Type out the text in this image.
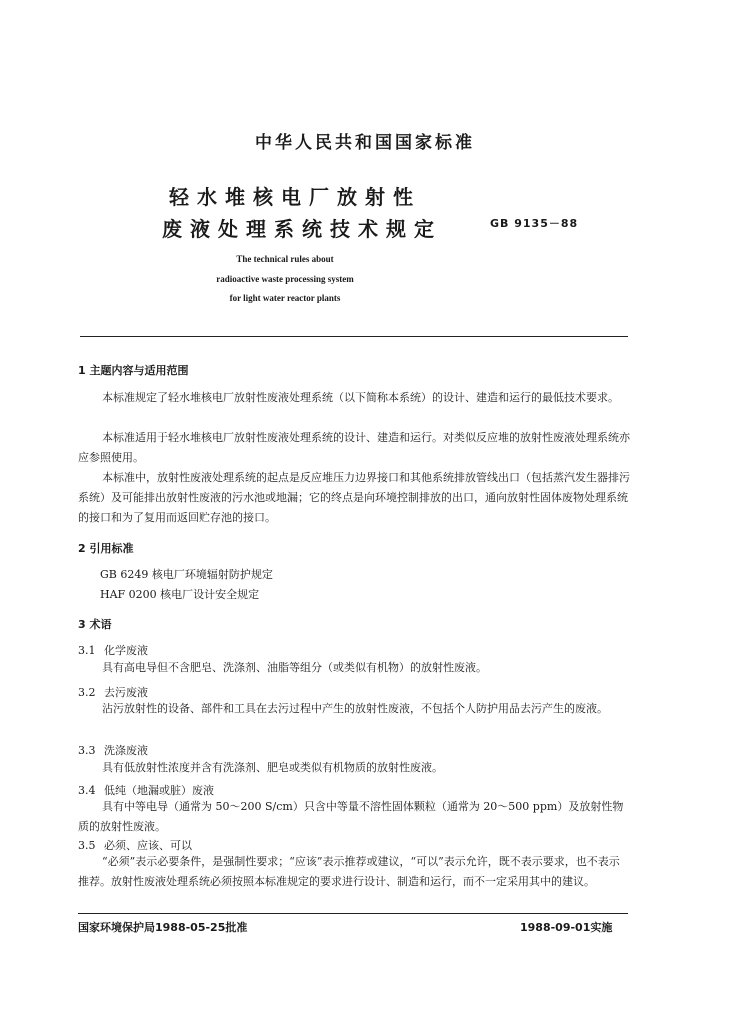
中华人民共和国国家标准
轻水堆核电厂放射性
废液处理系统技术规定	GB 9135－88
The technical rules about
radioactive waste processing system
for light water reactor plants
1 主题内容与适用范围
本标准规定了轻水堆核电厂放射性废液处理系统（以下简称本系统）的设计、建造和运行的最低技术要求。
本标准适用于轻水堆核电厂放射性废液处理系统的设计、建造和运行。对类似反应堆的放射性废液处理系统亦应参照使用。
本标准中，放射性废液处理系统的起点是反应堆压力边界接口和其他系统排放管线出口（包括蒸汽发生器排污系统）及可能排出放射性废液的污水池或地漏；它的终点是向环境控制排放的出口，通向放射性固体废物处理系统的接口和为了复用而返回贮存池的接口。
2 引用标准
GB 6249 核电厂环境辐射防护规定
HAF 0200 核电厂设计安全规定
3 术语
3.1 化学废液
具有高电导但不含肥皂、洗涤剂、油脂等组分（或类似有机物）的放射性废液。
3.2 去污废液
沾污放射性的设备、部件和工具在去污过程中产生的放射性废液，不包括个人防护用品去污产生的废液。
3.3 洗涤废液
具有低放射性浓度并含有洗涤剂、肥皂或类似有机物质的放射性废液。
3.4 低纯（地漏或脏）废液
具有中等电导（通常为 50～200 S/cm）只含中等量不溶性固体颗粒（通常为 20～500 ppm）及放射性物质的放射性废液。
3.5 必须、应该、可以
“必须”表示必要条件，是强制性要求；“应该”表示推荐或建议，“可以”表示允许，既不表示要求，也不表示推荐。放射性废液处理系统必须按照本标准规定的要求进行设计、制造和运行，而不一定采用其中的建议。
国家环境保护局1988-05-25批准	1988-09-01实施
